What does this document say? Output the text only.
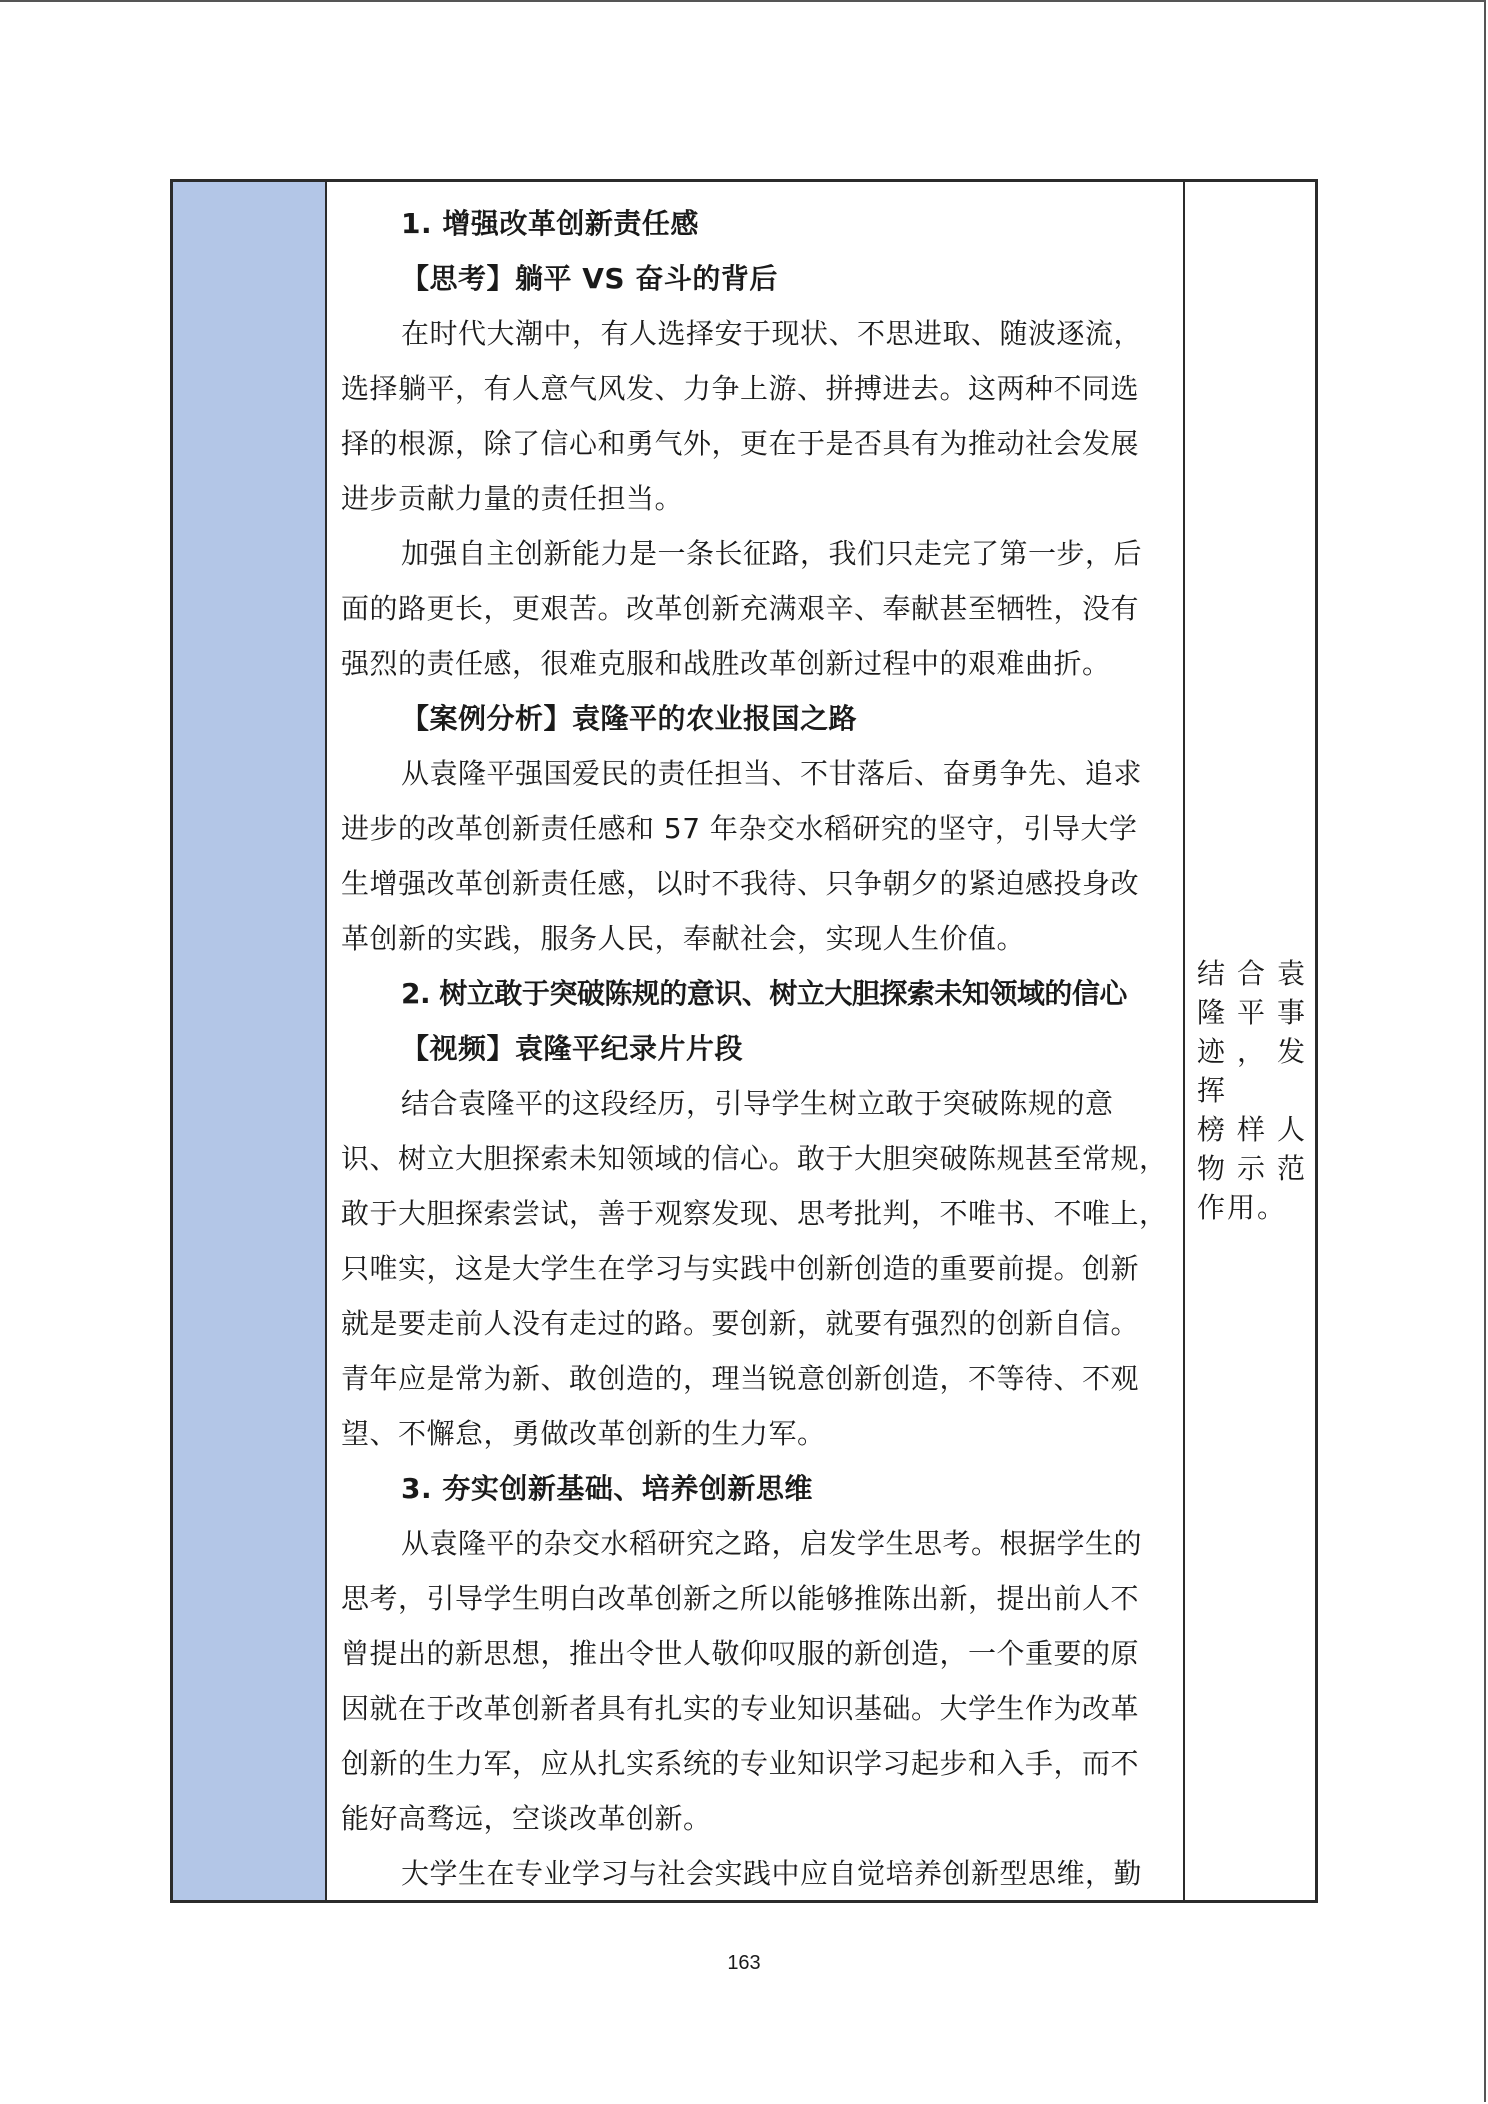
1. 增强改革创新责任感

【思考】躺平 VS 奋斗的背后

在时代大潮中，有人选择安于现状、不思进取、随波逐流，

选择躺平，有人意气风发、力争上游、拼搏进去。这两种不同选

择的根源，除了信心和勇气外，更在于是否具有为推动社会发展

进步贡献力量的责任担当。

加强自主创新能力是一条长征路，我们只走完了第一步，后

面的路更长，更艰苦。改革创新充满艰辛、奉献甚至牺牲，没有

强烈的责任感，很难克服和战胜改革创新过程中的艰难曲折。

【案例分析】袁隆平的农业报国之路

从袁隆平强国爱民的责任担当、不甘落后、奋勇争先、追求

进步的改革创新责任感和 57 年杂交水稻研究的坚守，引导大学

生增强改革创新责任感，以时不我待、只争朝夕的紧迫感投身改

革创新的实践，服务人民，奉献社会，实现人生价值。

2. 树立敢于突破陈规的意识、树立大胆探索未知领域的信心

【视频】袁隆平纪录片片段

结合袁隆平的这段经历，引导学生树立敢于突破陈规的意

识、树立大胆探索未知领域的信心。敢于大胆突破陈规甚至常规，

敢于大胆探索尝试，善于观察发现、思考批判，不唯书、不唯上，

只唯实，这是大学生在学习与实践中创新创造的重要前提。创新

就是要走前人没有走过的路。要创新，就要有强烈的创新自信。

青年应是常为新、敢创造的，理当锐意创新创造，不等待、不观

望、不懈怠，勇做改革创新的生力军。

3. 夯实创新基础、培养创新思维

从袁隆平的杂交水稻研究之路，启发学生思考。根据学生的

思考，引导学生明白改革创新之所以能够推陈出新，提出前人不

曾提出的新思想，推出令世人敬仰叹服的新创造，一个重要的原

因就在于改革创新者具有扎实的专业知识基础。大学生作为改革

创新的生力军，应从扎实系统的专业知识学习起步和入手，而不

能好高骛远，空谈改革创新。

大学生在专业学习与社会实践中应自觉培养创新型思维，勤

结合袁
隆平事
迹，发挥
榜样人
物示范
作用。
163
